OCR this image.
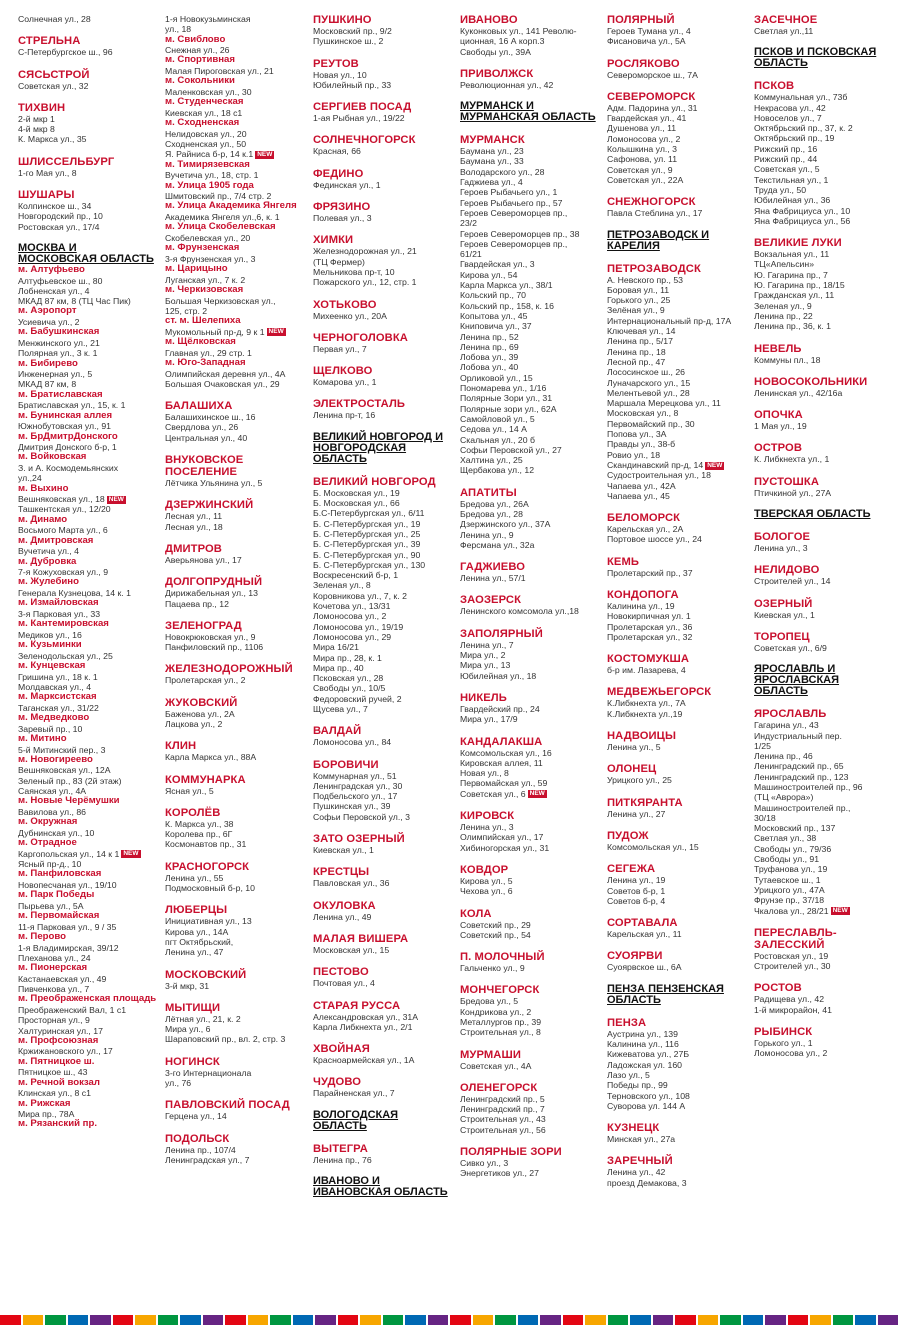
Солнечная ул., 28
СТРЕЛЬНА
С-Петербургское ш., 96
СЯСЬСТРОЙ
Советская ул., 32
ТИХВИН
2-й мкр 1
4-й мкр 8
К. Маркса ул., 35
ШЛИССЕЛЬБУРГ
1-го Мая ул., 8
ШУШАРЫ
Колпинское ш., 34
Новгородский пр., 10
Ростовская ул., 17/4
МОСКВА И МОСКОВСКАЯ ОБЛАСТЬ
м. Алтуфьево
Алтуфьевское ш., 80
Лобненская ул., 4
МКАД 87 км, 8 (ТЦ Час Пик)
м. Аэропорт
Усиевича ул., 2
м. Бабушкинская
Менжинского ул., 21
Полярная ул., 3 к. 1
м. Бибирево
Инженерная ул., 5
МКАД 87 км, 8
м. Братиславская
Братиславская ул., 15, к. 1
м. Бунинская аллея
Южнобутовская ул., 91
м. БрДмитрДонского
Дмитрия Донского б-р, 1
м. Войковская
З. и А. Космодемьянских
ул.,24
м. Выхино
Вешняковская ул., 18 NEW
Ташкентская ул., 12/20
м. Динамо
Восьмого Марта ул., 6
м. Дмитровская
Вучетича ул., 4
м. Дубровка
7-я Кожуховская ул., 9
м. Жулебино
Генерала Кузнецова, 14 к. 1
м. Измайловская
3-я Парковая ул., 33
м. Кантемировская
Медиков ул., 16
м. Кузьминки
Зеленодольская ул., 25
м. Кунцевская
Гришина ул., 18 к. 1
Молдавская ул., 4
м. Марксистская
Таганская ул., 31/22
м. Медведково
Заревый пр., 10
м. Митино
5-й Митинский пер., 3
м. Новогиреево
Вешняковская ул., 12А
Зеленый пр., 83 (2й этаж)
Саянская ул., 4А
м. Новые Черёмушки
Вавилова ул., 86
м. Окружная
Дубнинская ул., 10
м. Отрадное
Каргопольская ул., 14 к 1 NEW
Ясный пр-д., 10
м. Панфиловская
Новопесчаная ул., 19/10
м. Парк Победы
Пырьева ул., 5А
м. Первомайская
11-я Парковая ул., 9 / 35
м. Перово
1-я Владимирская, 39/12
Плеханова ул., 24
м. Пионерская
Кастанаевская ул., 49
Пивченкова ул., 7
м. Преображенская площадь
Преображенский Вал, 1 с1
Просторная ул., 9
Халтуринская ул., 17
м. Профсоюзная
Кржижановского ул., 17
м. Пятницкое ш.
Пятницкое ш., 43
м. Речной вокзал
Клинская ул., 8 с1
м. Рижская
Мира пр., 78А
м. Рязанский пр.
1-я Новокузьминская
ул., 18
м. Свиблово
Снежная ул., 26
м. Спортивная
Малая Пироговская ул., 21
м. Сокольники
Маленковская ул., 30
м. Студенческая
Киевская ул., 18 с1
м. Сходненская
Нелидовская ул., 20
Сходненская ул., 50
Я. Райниса б-р, 14 к.1 NEW
м. Тимирязевская
Вучетича ул., 18, стр. 1
м. Улица 1905 года
Шмитовский пр., 7/4 стр. 2
м. Улица Академика Янгеля
Академика Янгеля ул.,6, к. 1
м. Улица Скобелевская
Скобелевская ул., 20
м. Фрунзенская
3-я Фрунзенская ул., 3
м. Царицыно
Луганская ул., 7 к. 2
м. Черкизовская
Большая Черкизовская ул.,
125, стр. 2
ст. м. Шелепиха
Мукомольный пр-д, 9 к 1 NEW
м. Щёлковская
Главная ул., 29 стр. 1
м. Юго-Западная
Олимпийская деревня ул., 4А
Большая Очаковская ул., 29
БАЛАШИХА
Балашихинское ш., 16
Свердлова ул., 26
Центральная ул., 40
ВНУКОВСКОЕ ПОСЕЛЕНИЕ
Лётчика Ульянина ул., 5
ДЗЕРЖИНСКИЙ
Лесная ул., 11
Лесная ул., 18
ДМИТРОВ
Аверьянова ул., 17
ДОЛГОПРУДНЫЙ
Дирижабельная ул., 13
Пацаева пр., 12
ЗЕЛЕНОГРАД
Новокрюковская ул., 9
Панфиловский пр., 1106
ЖЕЛЕЗНОДОРОЖНЫЙ
Пролетарская ул., 2
ЖУКОВСКИЙ
Баженова ул., 2А
Лацкова ул., 2
КЛИН
Карла Маркса ул., 88А
КОММУНАРКА
Ясная ул., 5
КОРОЛЁВ
К. Маркса ул., 38
Королева пр., 6Г
Космонавтов пр., 31
КРАСНОГОРСК
Ленина ул., 55
Подмосковный б-р, 10
ЛЮБЕРЦЫ
Инициативная ул., 13
Кирова ул., 14А
пгт Октябрьский,
Ленина ул., 47
МОСКОВСКИЙ
3-й мкр, 31
МЫТИЩИ
Лётная ул., 21, к. 2
Мира ул., 6
Шараповский пр., вл. 2, стр. 3
НОГИНСК
3-го Интернационала
ул., 76
ПАВЛОВСКИЙ ПОСАД
Герцена ул., 14
ПОДОЛЬСК
Ленина пр., 107/4
Ленинградская ул., 7
ПУШКИНО
Московский пр., 9/2
Пушкинское ш., 2
РЕУТОВ
Новая ул., 10
Юбилейный пр., 33
СЕРГИЕВ ПОСАД
1-ая Рыбная ул., 19/22
СОЛНЕЧНОГОРСК
Красная, 66
ФЕДИНО
Фединская ул., 1
ФРЯЗИНО
Полевая ул., 3
ХИМКИ
Железнодорожная ул., 21
(ТЦ Фермер)
Мельникова пр-т, 10
Пожарского ул., 12, стр. 1
ХОТЬКОВО
Михеенко ул., 20А
ЧЕРНОГОЛОВКА
Первая ул., 7
ЩЕЛКОВО
Комарова ул., 1
ЭЛЕКТРОСТАЛЬ
Ленина пр-т, 16
ВЕЛИКИЙ НОВГОРОД И НОВГОРОДСКАЯ ОБЛАСТЬ
ВЕЛИКИЙ НОВГОРОД
Б. Московская ул., 19
Б. Московская ул., 66
Б.С-Петербургская ул., 6/11
Б. С-Петербургская ул., 19
Б. С-Петербургская ул., 25
Б. С-Петербургская ул., 39
Б. С-Петербургская ул., 90
Б. С-Петербургская ул., 130
Воскресенский б-р, 1
Зеленая ул., 8
Коровникова ул., 7, к. 2
Кочетова ул., 13/31
Ломоносова ул., 2
Ломоносова ул., 19/19
Ломоносова ул., 29
Мира 16/21
Мира пр., 28, к. 1
Мира пр., 40
Псковская ул., 28
Свободы ул., 10/5
Федоровский ручей, 2
Щусева ул., 7
ВАЛДАЙ
Ломоносова ул., 84
БОРОВИЧИ
Коммунарная ул., 51
Ленинградская ул., 30
Подбельского ул., 17
Пушкинская ул., 39
Софьи Перовской ул., 3
ЗАТО ОЗЕРНЫЙ
Киевская ул., 1
КРЕСТЦЫ
Павловская ул., 36
ОКУЛОВКА
Ленина ул., 49
МАЛАЯ ВИШЕРА
Московская ул., 15
ПЕСТОВО
Почтовая ул., 4
СТАРАЯ РУССА
Александровская ул., 31А
Карла Либкнехта ул., 2/1
ХВОЙНАЯ
Красноармейская ул., 1А
ЧУДОВО
Парайненская ул., 7
ВОЛОГОДСКАЯ ОБЛАСТЬ
ВЫТЕГРА
Ленина пр., 76
ИВАНОВО И ИВАНОВСКАЯ ОБЛАСТЬ
ИВАНОВО
Куконковых ул., 141 Револю-
ционная, 16 А корп.3
Свободы ул., 39А
ПРИВОЛЖСК
Революционная ул., 42
МУРМАНСК И МУРМАНСКАЯ ОБЛАСТЬ
МУРМАНСК
Баумана ул., 23
Баумана ул., 33
Володарского ул., 28
Гаджиева ул., 4
Героев Рыбачьего ул., 1
Героев Рыбачьего пр., 57
Героев Североморцев пр.,
23/2
Героев Североморцев пр., 38
Героев Североморцев пр.,
61/21
Гвардейская ул., 3
Кирова ул., 54
Карла Маркса ул., 38/1
Кольский пр., 70
Кольский пр., 158, к. 16
Копытова ул., 45
Книповича ул., 37
Ленина пр., 52
Ленина пр., 69
Лобова ул., 39
Лобова ул., 40
Орликовой ул., 15
Пономарева ул., 1/16
Полярные Зори ул., 31
Полярные зори ул., 62А
Самойловой ул., 5
Седова ул., 14 А
Скальная ул., 20 б
Софьи Перовской ул., 27
Халтина ул., 25
Щербакова ул., 12
АПАТИТЫ
Бредова ул., 26А
Бредова ул., 28
Дзержинского ул., 37А
Ленина ул., 9
Ферсмана ул., 32а
ГАДЖИЕВО
Ленина ул., 57/1
ЗАОЗЕРСК
Ленинского комсомола ул.,18
ЗАПОЛЯРНЫЙ
Ленина ул., 7
Мира ул., 2
Мира ул., 13
Юбилейная ул., 18
НИКЕЛЬ
Гвардейский пр., 24
Мира ул., 17/9
КАНДАЛАКША
Комсомольская ул., 16
Кировская аллея, 11
Новая ул., 8
Первомайская ул., 59
Советская ул., 6 NEW
КИРОВСК
Ленина ул., 3
Олимпийская ул., 17
Хибиногорская ул., 31
КОВДОР
Кирова ул., 5
Чехова ул., 6
КОЛА
Советский пр., 29
Советский пр., 54
П. МОЛОЧНЫЙ
Гальченко ул., 9
МОНЧЕГОРСК
Бредова ул., 5
Кондрикова ул., 2
Металлургов пр., 39
Строительная ул., 8
МУРМАШИ
Советская ул., 4А
ОЛЕНЕГОРСК
Ленинградский пр., 5
Ленинградский пр., 7
Строительная ул., 43
Строительная ул., 56
ПОЛЯРНЫЕ ЗОРИ
Сивко ул., 3
Энергетиков ул., 27
ПОЛЯРНЫЙ
Героев Тумана ул., 4
Фисановича ул., 5А
РОСЛЯКОВО
Североморское ш., 7А
СЕВЕРОМОРСК
Адм. Падорина ул., 31
Гвардейская ул., 41
Душенова ул., 11
Ломоносова ул., 2
Колышкина ул., 3
Сафонова, ул. 11
Советская ул., 9
Советская ул., 22А
СНЕЖНОГОРСК
Павла Стеблина ул., 17
ПЕТРОЗАВОДСК И КАРЕЛИЯ
ПЕТРОЗАВОДСК
А. Невского пр., 53
Боровая ул., 11
Горького ул., 25
Зелёная ул., 9
Интернациональный пр-д, 17А
Ключевая ул., 14
Ленина пр., 5/17
Ленина пр., 18
Лесной пр., 47
Лососинское ш., 26
Луначарского ул., 15
Мелентьевой ул., 28
Маршала Мерецкова ул., 11
Московская ул., 8
Первомайский пр., 30
Попова ул., 3А
Правды ул., 38-б
Ровио ул., 18
Скандинавский пр-д, 14 NEW
Судостроительная ул., 18
Чапаева ул., 42А
Чапаева ул., 45
БЕЛОМОРСК
Карельская ул., 2А
Портовое шоссе ул., 24
КЕМЬ
Пролетарский пр., 37
КОНДОПОГА
Калинина ул., 19
Новокирпичная ул. 1
Пролетарская ул., 36
Пролетарская ул., 32
КОСТОМУКША
б-р им. Лазарева, 4
МЕДВЕЖЬЕГОРСК
К.Либкнехта ул., 7А
К.Либкнехта ул.,19
НАДВОИЦЫ
Ленина ул., 5
ОЛОНЕЦ
Урицкого ул., 25
ПИТКЯРАНТА
Ленина ул., 27
ПУДОЖ
Комсомольская ул., 15
СЕГЕЖА
Ленина ул., 19
Советов б-р, 1
Советов б-р, 4
СОРТАВАЛА
Карельская ул., 11
СУОЯРВИ
Суоярвское ш., 6А
ПЕНЗА ПЕНЗЕНСКАЯ ОБЛАСТЬ
ПЕНЗА
Аустрина ул., 139
Калинина ул., 116
Кижеватова ул., 27Б
Ладожская ул. 160
Лазо ул., 5
Победы пр., 99
Терновского ул., 108
Суворова ул. 144 А
КУЗНЕЦК
Минская ул., 27а
ЗАРЕЧНЫЙ
Ленина ул., 42
проезд Демакова, 3
ЗАСЕЧНОЕ
Светлая ул.,11
ПСКОВ И ПСКОВСКАЯ ОБЛАСТЬ
ПСКОВ
Коммунальная ул., 73б
Некрасова ул., 42
Новоселов ул., 7
Октябрьский пр., 37, к. 2
Октябрьский пр., 19
Рижский пр., 16
Рижский пр., 44
Советская ул., 5
Текстильная ул., 1
Труда ул., 50
Юбилейная ул., 36
Яна Фабрициуса ул., 10
Яна Фабрициуса ул., 56
ВЕЛИКИЕ ЛУКИ
Вокзальная ул., 11
ТЦ«Апельсин»
Ю. Гагарина пр., 7
Ю. Гагарина пр., 18/15
Гражданская ул., 11
Зеленая ул., 9
Ленина пр., 22
Ленина пр., 36, к. 1
НЕВЕЛЬ
Коммуны пл., 18
НОВОСОКОЛЬНИКИ
Ленинская ул., 42/16а
ОПОЧКА
1 Мая ул., 19
ОСТРОВ
К. Либкнехта ул., 1
ПУСТОШКА
Птичкиной ул., 27А
ТВЕРСКАЯ ОБЛАСТЬ
БОЛОГОЕ
Ленина ул., 3
НЕЛИДОВО
Строителей ул., 14
ОЗЕРНЫЙ
Киевская ул., 1
ТОРОПЕЦ
Советская ул., 6/9
ЯРОСЛАВЛЬ И ЯРОСЛАВСКАЯ ОБЛАСТЬ
ЯРОСЛАВЛЬ
Гагарина ул., 43
Индустриальный пер.
1/25
Ленина пр., 46
Ленинградский пр., 65
Ленинградский пр., 123
Машиностроителей пр., 96
(ТЦ «Аврора»)
Машиностроителей пр.,
30/18
Московский пр., 137
Светлая ул., 38
Свободы ул., 79/36
Свободы ул., 91
Труфанова ул., 19
Тутаевское ш., 1
Урицкого ул., 47А
Фрунзе пр., 37/18
Чкалова ул., 28/21 NEW
ПЕРЕСЛАВЛЬ-ЗАЛЕССКИЙ
Ростовская ул., 19
Строителей ул., 30
РОСТОВ
Радищева ул., 42
1-й микрорайон, 41
РЫБИНСК
Горького ул., 1
Ломоносова ул., 2
